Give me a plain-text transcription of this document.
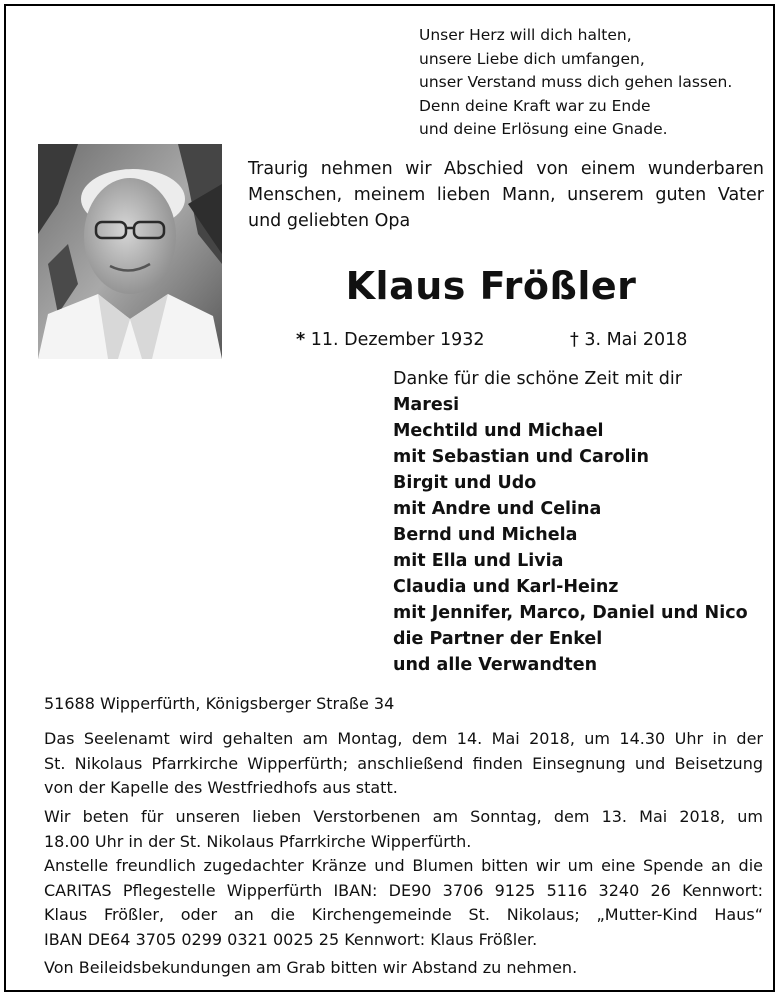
Unser Herz will dich halten,
unsere Liebe dich umfangen,
unser Verstand muss dich gehen lassen.
Denn deine Kraft war zu Ende
und deine Erlösung eine Gnade.
Traurig nehmen wir Abschied von einem wunderbaren
Menschen, meinem lieben Mann, unserem guten Vater
und geliebten Opa
Klaus Frößler
* 11. Dezember 1932	† 3. Mai 2018
Danke für die schöne Zeit mit dir
Maresi
Mechtild und Michael
mit Sebastian und Carolin
Birgit und Udo
mit Andre und Celina
Bernd und Michela
mit Ella und Livia
Claudia und Karl-Heinz
mit Jennifer, Marco, Daniel und Nico
die Partner der Enkel
und alle Verwandten
51688 Wipperfürth, Königsberger Straße 34
Das Seelenamt wird gehalten am Montag, dem 14. Mai 2018, um 14.30 Uhr in der
St. Nikolaus Pfarrkirche Wipperfürth; anschließend finden Einsegnung und Beisetzung
von der Kapelle des Westfriedhofs aus statt.
Wir beten für unseren lieben Verstorbenen am Sonntag, dem 13. Mai 2018, um
18.00 Uhr in der St. Nikolaus Pfarrkirche Wipperfürth.
Anstelle freundlich zugedachter Kränze und Blumen bitten wir um eine Spende an die
CARITAS Pflegestelle Wipperfürth IBAN: DE90 3706 9125 5116 3240 26 Kennwort:
Klaus Frößler, oder an die Kirchengemeinde St. Nikolaus; „Mutter-Kind Haus“
IBAN DE64 3705 0299 0321 0025 25 Kennwort: Klaus Frößler.
Von Beileidsbekundungen am Grab bitten wir Abstand zu nehmen.
